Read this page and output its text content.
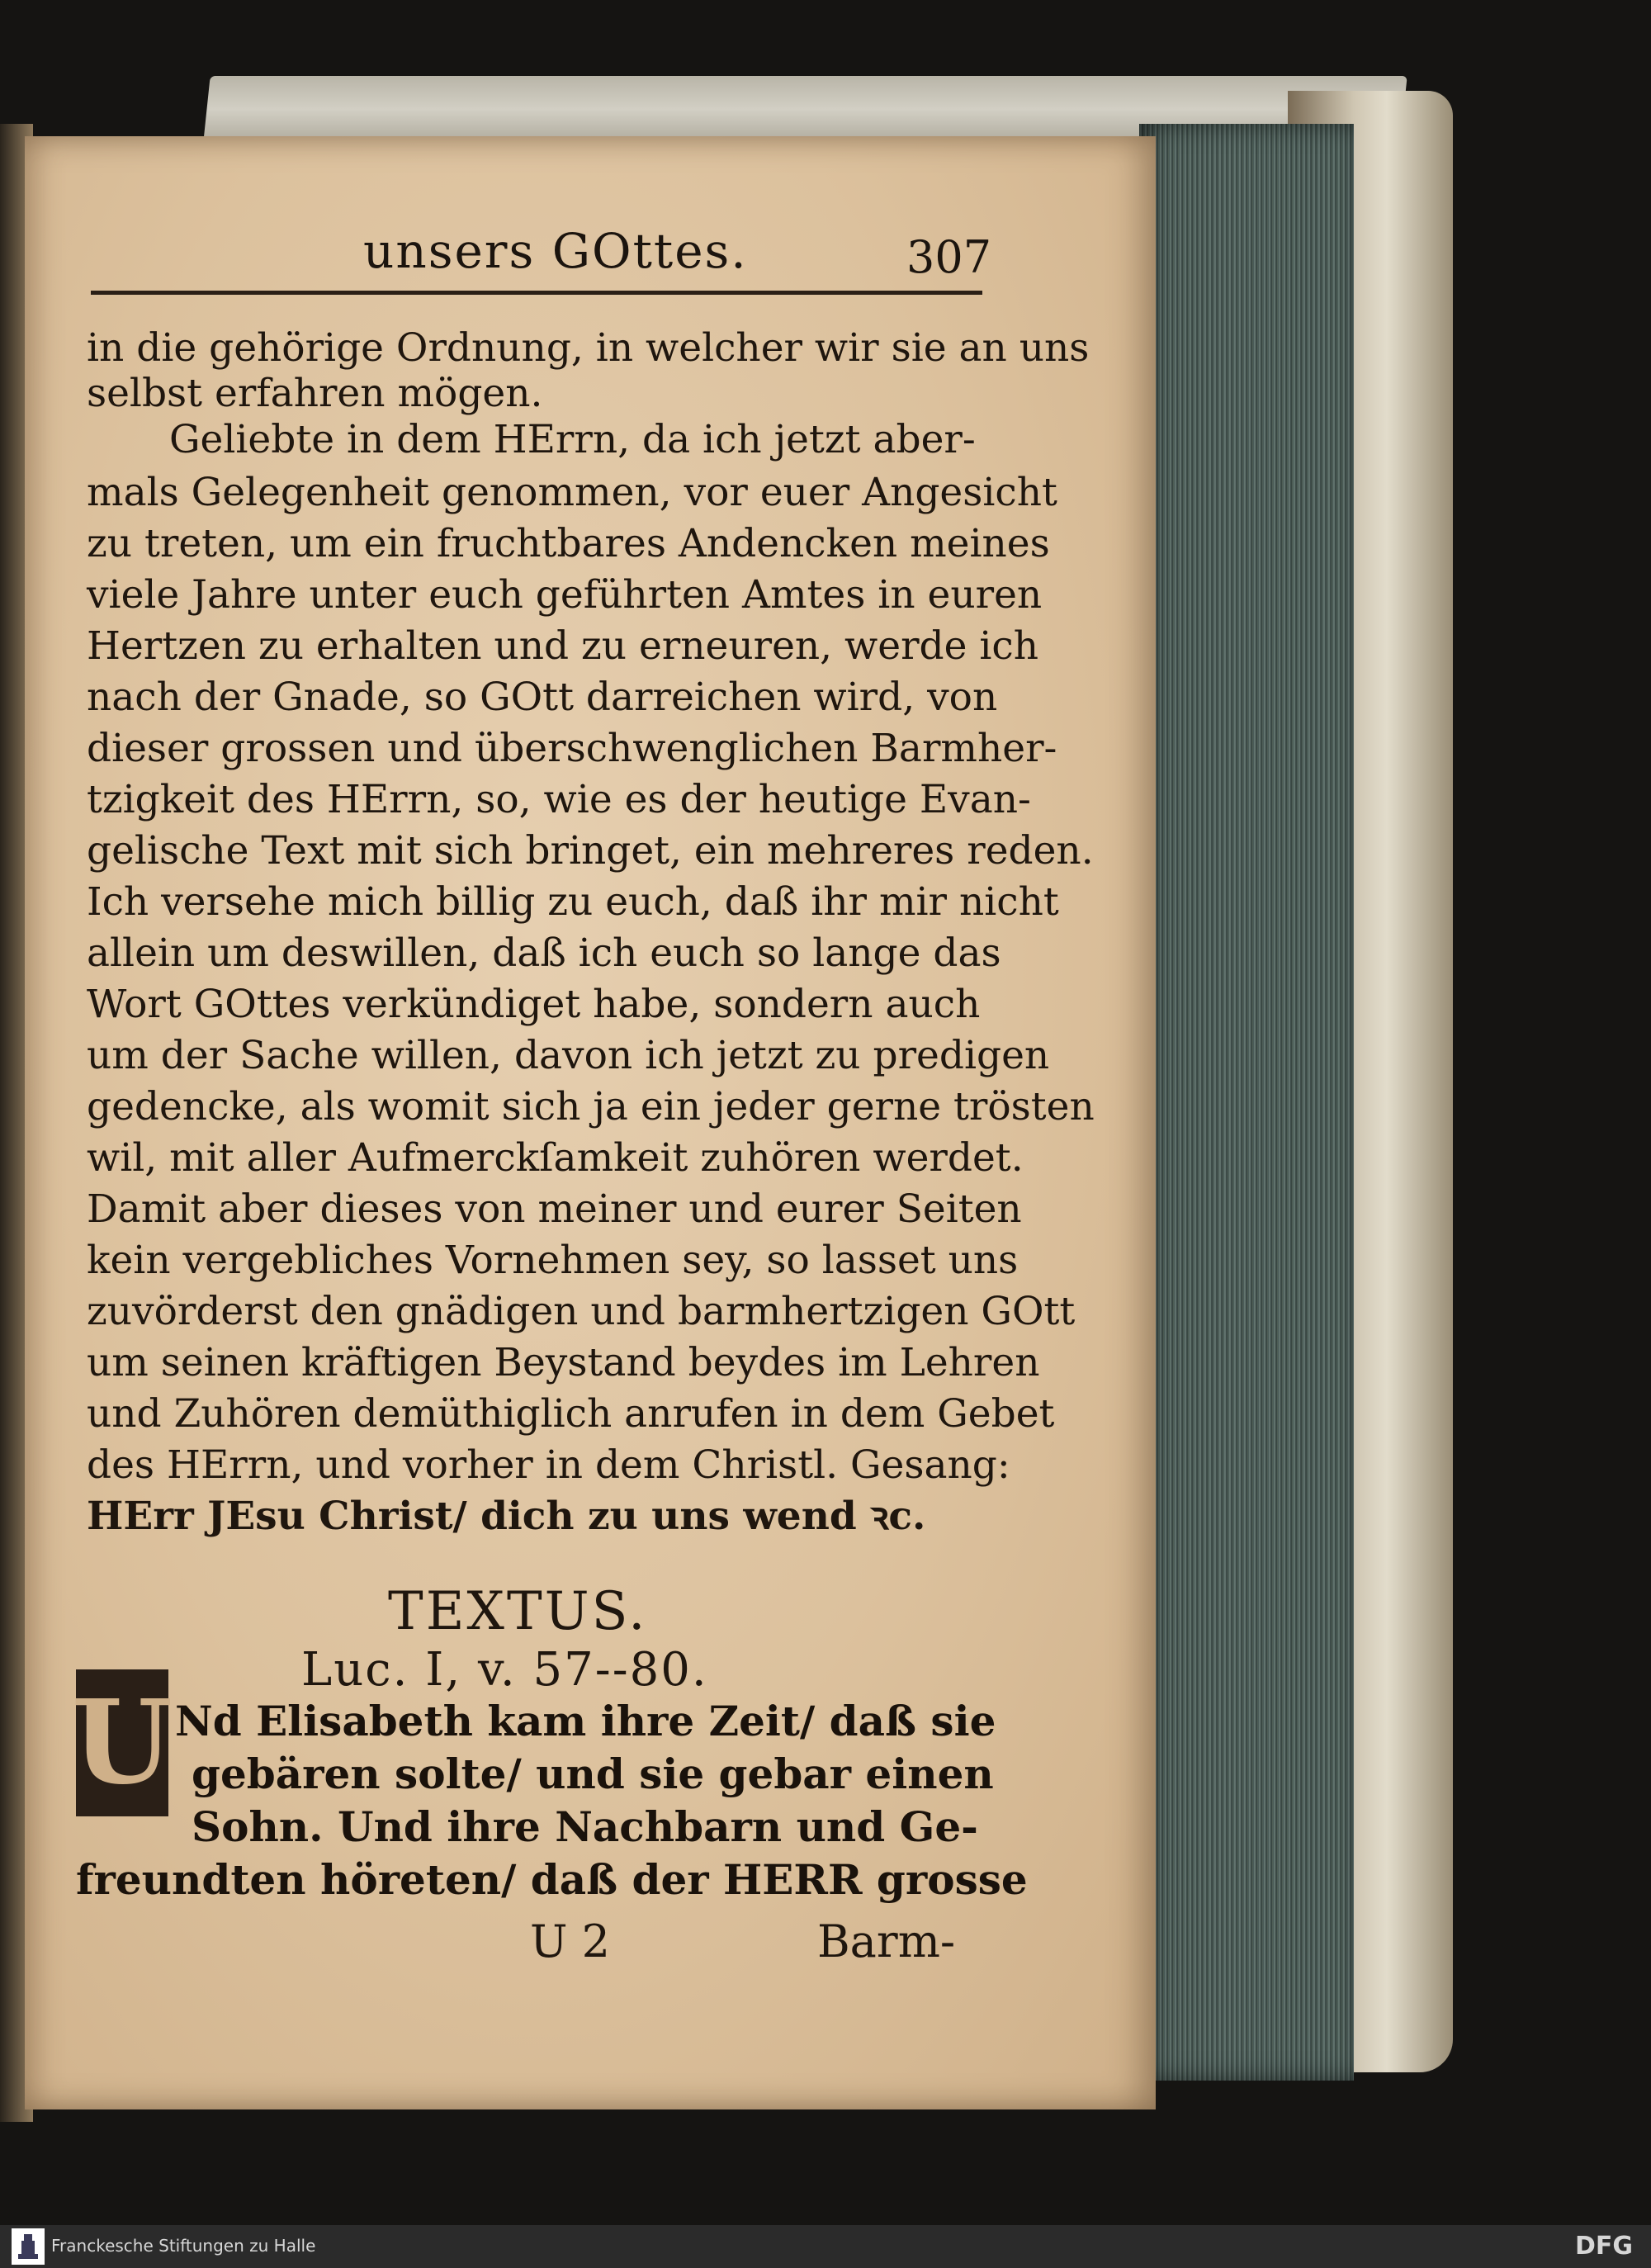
unsers GOttes.	307
in die gehörige Ordnung, in welcher wir sie an uns
selbst erfahren mögen.
Geliebte in dem HErrn, da ich jetzt aber-
mals Gelegenheit genommen, vor euer Angesicht
zu treten, um ein fruchtbares Andencken meines
viele Jahre unter euch geführten Amtes in euren
Hertzen zu erhalten und zu erneuren, werde ich
nach der Gnade, so GOtt darreichen wird, von
dieser grossen und überschwenglichen Barmher-
tzigkeit des HErrn, so, wie es der heutige Evan-
gelische Text mit sich bringet, ein mehreres reden.
Ich versehe mich billig zu euch, daß ihr mir nicht
allein um deswillen, daß ich euch so lange das
Wort GOttes verkündiget habe, sondern auch
um der Sache willen, davon ich jetzt zu predigen
gedencke, als womit sich ja ein jeder gerne trösten
wil, mit aller Aufmerckſamkeit zuhören werdet.
Damit aber dieses von meiner und eurer Seiten
kein vergebliches Vornehmen sey, so lasset uns
zuvörderst den gnädigen und barmhertzigen GOtt
um seinen kräftigen Beystand beydes im Lehren
und Zuhören demüthiglich anrufen in dem Gebet
des HErrn, und vorher in dem Christl. Gesang:
HErr JEsu Christ/ dich zu uns wend ꝛc.
TEXTUS.
Luc. I, v. 57--80.
U Nd Elisabeth kam ihre Zeit/ daß sie
gebären solte/ und sie gebar einen
Sohn. Und ihre Nachbarn und Ge-
freundten höreten/ daß der HERR grosse
U 2	Barm-
Franckesche Stiftungen zu Halle	DFG
